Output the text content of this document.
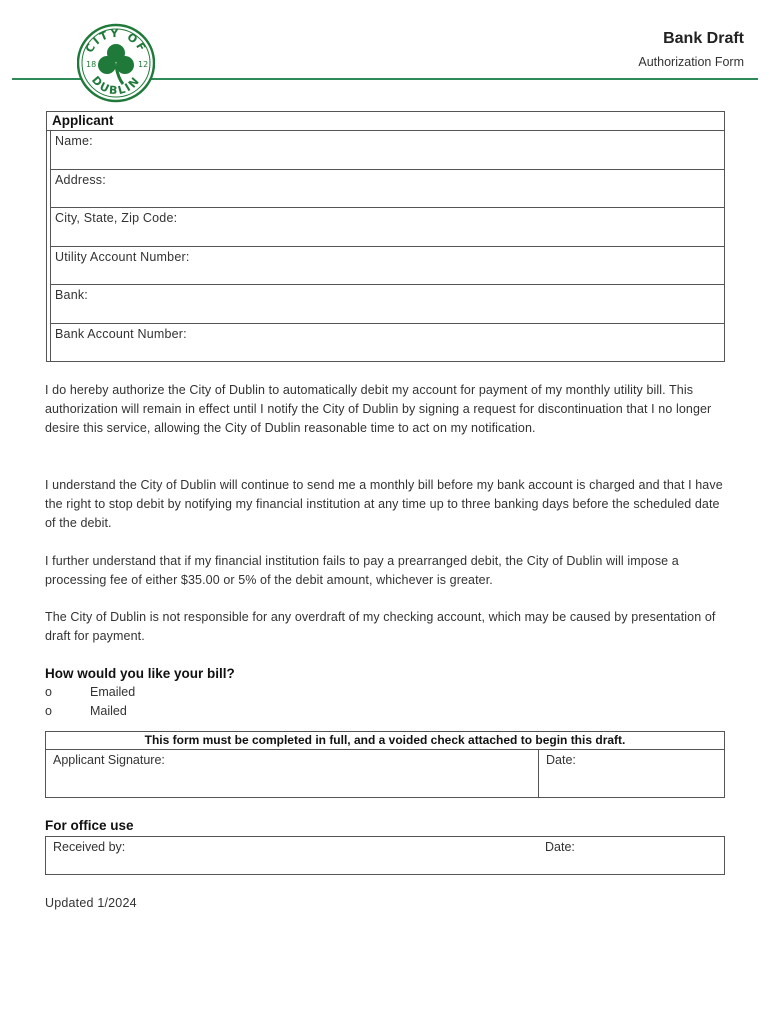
CITY OF
DUBLIN
18	12
Bank Draft
Authorization Form
Applicant
Name:
Address:
City, State, Zip Code:
Utility Account Number:
Bank:
Bank Account Number:

I do hereby authorize the City of Dublin to automatically debit my account for payment of my monthly utility bill. This authorization will remain in effect until I notify the City of Dublin by signing a request for discontinuation that I no longer desire this service, allowing the City of Dublin reasonable time to act on my notification.

I understand the City of Dublin will continue to send me a monthly bill before my bank account is charged and that I have the right to stop debit by notifying my financial institution at any time up to three banking days before the scheduled date of the debit.

I further understand that if my financial institution fails to pay a prearranged debit, the City of Dublin will impose a processing fee of either $35.00 or 5% of the debit amount, whichever is greater.

The City of Dublin is not responsible for any overdraft of my checking account, which may be caused by presentation of draft for payment.

How would you like your bill?
o	Emailed
o	Mailed
This form must be completed in full, and a voided check attached to begin this draft.
Applicant Signature:	Date:
For office use
Received by:	Date:
Updated 1/2024
